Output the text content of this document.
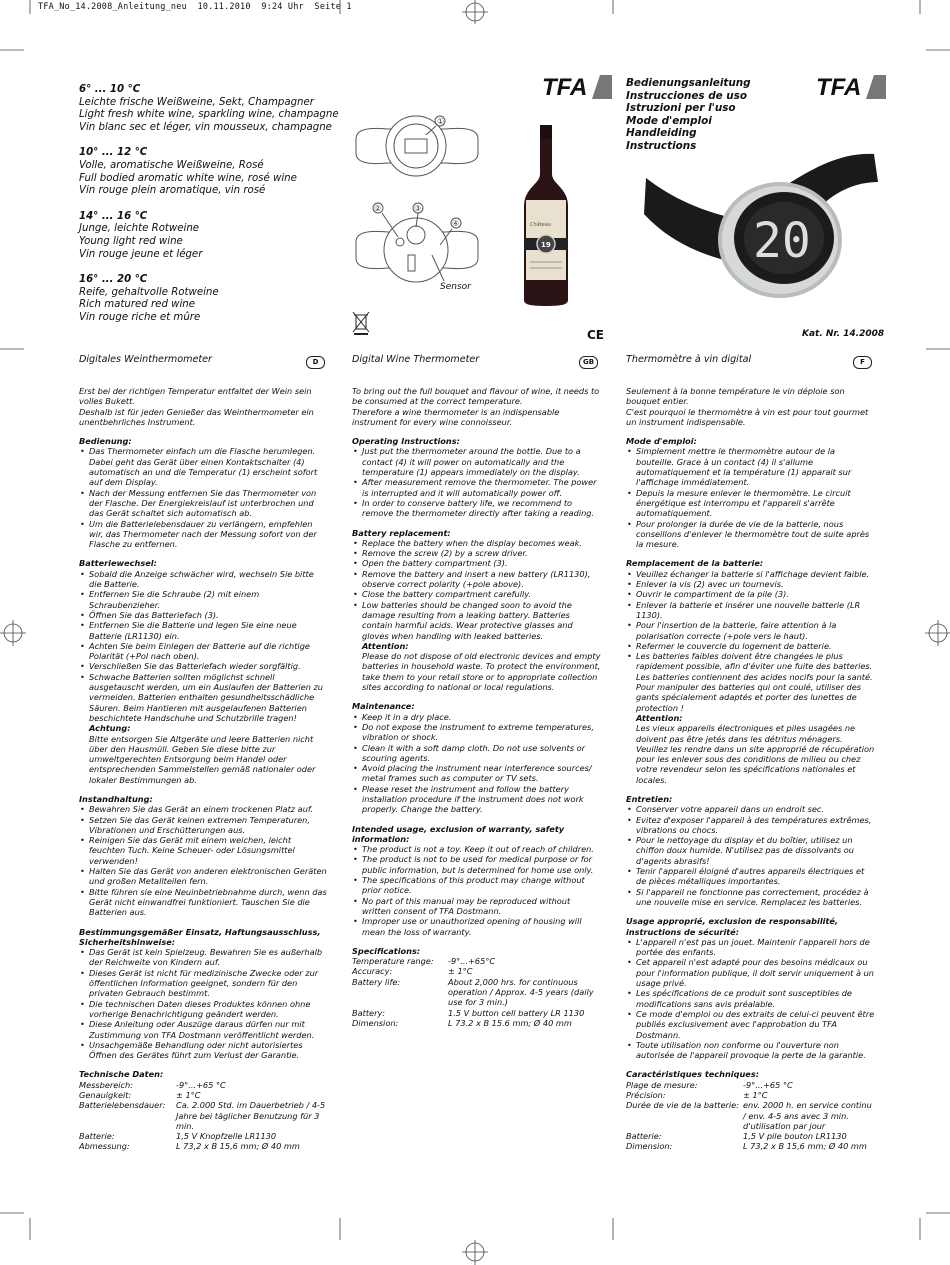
TFA_No_14.2008_Anleitung_neu  10.11.2010  9:24 Uhr  Seite 1
6° ... 10 °C
Leichte frische Weißweine, Sekt, Champagner
Light fresh white wine, sparkling wine, champagne
Vin blanc sec et léger, vin mousseux, champagne
10° ... 12 °C
Volle, aromatische Weißweine, Rosé
Full bodied aromatic white wine, rosé wine
Vin rouge plein aromatique, vin rosé
14° ... 16 °C
Junge, leichte Rotweine
Young light red wine
Vin rouge jeune et léger
16° ... 20 °C
Reife, gehaltvolle Rotweine
Rich matured red wine
Vin rouge riche et mûre
TFA
①
②	③
④
Sensor
19
Château
CE
Bedienungsanleitung
Instrucciones de uso
Istruzioni per l'uso
Mode d'emploi
Handleiding
Instructions
TFA
20
Kat. Nr. 14.2008
Digitales Weinthermometer	D	Digital Wine Thermometer	GB	Thermomètre à vin digital	F

Erst bei der richtigen Temperatur entfaltet der Wein sein volles Bukett.

Deshalb ist für jeden Genießer das Weinthermometer ein unentbehrliches Instrument.

Bedienung:

• Das Thermometer einfach um die Flasche herumlegen. Dabei geht das Gerät über einen Kontaktschalter (4) automatisch an und die Temperatur (1) erscheint sofort auf dem Display.
• Nach der Messung entfernen Sie das Thermometer von der Flasche. Der Energiekreislauf ist unterbrochen und das Gerät schaltet sich automatisch ab.
• Um die Batterielebensdauer zu verlängern, empfehlen wir, das Thermometer nach der Messung sofort von der Flasche zu entfernen.

Batteriewechsel:

• Sobald die Anzeige schwächer wird, wechseln Sie bitte die Batterie.
• Entfernen Sie die Schraube (2) mit einem Schraubenzieher.
• Öffnen Sie das Batteriefach (3).
• Entfernen Sie die Batterie und legen Sie eine neue Batterie (LR1130) ein.
• Achten Sie beim Einlegen der Batterie auf die richtige Polarität (+Pol nach oben).
• Verschließen Sie das Batteriefach wieder sorgfältig.
• Schwache Batterien sollten möglichst schnell ausgetauscht werden, um ein Auslaufen der Batterien zu vermeiden. Batterien enthalten gesundheitsschädliche Säuren. Beim Hantieren mit ausgelaufenen Batterien beschichtete Handschuhe und Schutzbrille tragen!

Achtung:

Bitte entsorgen Sie Altgeräte und leere Batterien nicht über den Hausmüll. Geben Sie diese bitte zur umweltgerechten Entsorgung beim Handel oder entsprechenden Sammelstellen gemäß nationaler oder lokaler Bestimmungen ab.

Instandhaltung:

• Bewahren Sie das Gerät an einem trockenen Platz auf.
• Setzen Sie das Gerät keinen extremen Temperaturen, Vibrationen und Erschütterungen aus.
• Reinigen Sie das Gerät mit einem weichen, leicht feuchten Tuch. Keine Scheuer- oder Lösungsmittel verwenden!
• Halten Sie das Gerät von anderen elektronischen Geräten und großen Metallteilen fern.
• Bitte führen sie eine Neuinbetriebnahme durch, wenn das Gerät nicht einwandfrei funktioniert. Tauschen Sie die Batterien aus.

Bestimmungsgemäßer Einsatz, Haftungsausschluss, Sicherheitshinweise:

• Das Gerät ist kein Spielzeug. Bewahren Sie es außerhalb der Reichweite von Kindern auf.
• Dieses Gerät ist nicht für medizinische Zwecke oder zur öffentlichen Information geeignet, sondern für den privaten Gebrauch bestimmt.
• Die technischen Daten dieses Produktes können ohne vorherige Benachrichtigung geändert werden.
• Diese Anleitung oder Auszüge daraus dürfen nur mit Zustimmung von TFA Dostmann veröffentlicht werden.
• Unsachgemäße Behandlung oder nicht autorisiertes Öffnen des Gerätes führt zum Verlust der Garantie.

Technische Daten:

Messbereich:	-9°...+65 °C
Genauigkeit:	± 1°C
Batterielebensdauer:	Ca. 2.000 Std. im Dauerbetrieb / 4-5 Jahre bei täglicher Benutzung für 3 min.
Batterie:	1,5 V Knopfzelle LR1130
Abmessung:	L 73,2 x B 15,6 mm; Ø 40 mm

To bring out the full bouquet and flavour of wine, it needs to be consumed at the correct temperature.

Therefore a wine thermometer is an indispensable instrument for every wine connoisseur.

Operating Instructions:

• Just put the thermometer around the bottle. Due to a contact (4) it will power on automatically and the temperature (1) appears immediately on the display.
• After measurement remove the thermometer. The power is interrupted and it will automatically power off.
• In order to conserve battery life, we recommend to remove the thermometer directly after taking a reading.

Battery replacement:

• Replace the battery when the display becomes weak.
• Remove the screw (2) by a screw driver.
• Open the battery compartment (3).
• Remove the battery and insert a new battery (LR1130), observe correct polarity (+pole above).
• Close the battery compartment carefully.
• Low batteries should be changed soon to avoid the damage resulting from a leaking battery. Batteries contain harmful acids. Wear protective glasses and gloves when handling with leaked batteries.

Attention:

Please do not dispose of old electronic devices and empty batteries in household waste. To protect the environment, take them to your retail store or to appropriate collection sites according to national or local regulations.

Maintenance:

• Keep it in a dry place.
• Do not expose the instrument to extreme temperatures, vibration or shock.
• Clean it with a soft damp cloth. Do not use solvents or scouring agents.
• Avoid placing the instrument near interference sources/ metal frames such as computer or TV sets.
• Please reset the instrument and follow the battery installation procedure if the instrument does not work properly. Change the battery.

Intended usage, exclusion of warranty, safety information:

• The product is not a toy. Keep it out of reach of children.
• The product is not to be used for medical purpose or for public information, but is determined for home use only.
• The specifications of this product may change without prior notice.
• No part of this manual may be reproduced without written consent of TFA Dostmann.
• Improper use or unauthorized opening of housing will mean the loss of warranty.

Specifications:

Temperature range:	-9°...+65°C
Accuracy:	± 1°C
Battery life:	About 2,000 hrs. for continuous operation / Approx. 4-5 years (daily use for 3 min.)
Battery:	1.5 V button cell battery LR 1130
Dimension:	L 73.2 x B 15.6 mm; Ø 40 mm

Seulement à la bonne température le vin déploie son bouquet entier.

C'est pourquoi le thermomètre à vin est pour tout gourmet un instrument indispensable.

Mode d'emploi:

• Simplement mettre le thermomètre autour de la bouteille. Grace à un contact (4) il s'allume automatiquement et la température (1) apparait sur l'affichage immédiatement.
• Depuis la mesure enlever le thermomètre. Le circuit énergétique est interrompu et l'appareil s'arrête automatiquement.
• Pour prolonger la durée de vie de la batterie, nous conseillons d'enlever le thermomètre tout de suite après la mesure.

Remplacement de la batterie:

• Veuillez échanger la batterie si l'affichage devient faible.
• Enlever la vis (2) avec un tournevis.
• Ouvrir le compartiment de la pile (3).
• Enlever la batterie et insérer une nouvelle batterie (LR 1130).
• Pour l'insertion de la batterie, faire attention à la polarisation correcte (+pole vers le haut).
• Refermer le couvercle du logement de batterie.
• Les batteries faibles doivent être changées le plus rapidement possible, afin d'éviter une fuite des batteries. Les batteries contiennent des acides nocifs pour la santé. Pour manipuler des batteries qui ont coulé, utiliser des gants spécialement adaptés et porter des lunettes de protection !

Attention:

Les vieux appareils électroniques et piles usagées ne doivent pas être jetés dans les détritus ménagers. Veuillez les rendre dans un site approprié de récupération pour les enlever sous des conditions de milieu ou chez votre revendeur selon les spécifications nationales et locales.

Entretien:

• Conserver votre appareil dans un endroit sec.
• Evitez d'exposer l'appareil à des températures extrêmes, vibrations ou chocs.
• Pour le nettoyage du display et du boîtier, utilisez un chiffon doux humide. N'utilisez pas de dissolvants ou d'agents abrasifs!
• Tenir l'appareil éloigné d'autres appareils électriques et de pièces métalliques importantes.
• Si l'appareil ne fonctionne pas correctement, procédez à une nouvelle mise en service. Remplacez les batteries.

Usage approprié, exclusion de responsabilité, instructions de sécurité:

• L'appareil n'est pas un jouet. Maintenir l'appareil hors de portée des enfants.
• Cet appareil n'est adapté pour des besoins médicaux ou pour l'information publique, il doit servir uniquement à un usage privé.
• Les spécifications de ce produit sont susceptibles de modifications sans avis préalable.
• Ce mode d'emploi ou des extraits de celui-ci peuvent être publiés exclusivement avec l'approbation du TFA Dostmann.
• Toute utilisation non conforme ou l'ouverture non autorisée de l'appareil provoque la perte de la garantie.

Caractéristiques techniques:

Plage de mesure:	-9°...+65 °C
Précision:	± 1°C
Durée de vie de la batterie: env. 2000 h. en service continu / env. 4-5 ans avec 3 min. d'utilisation par jour
Batterie:	1,5 V pile bouton LR1130
Dimension:	L 73,2 x B 15,6 mm; Ø 40 mm
